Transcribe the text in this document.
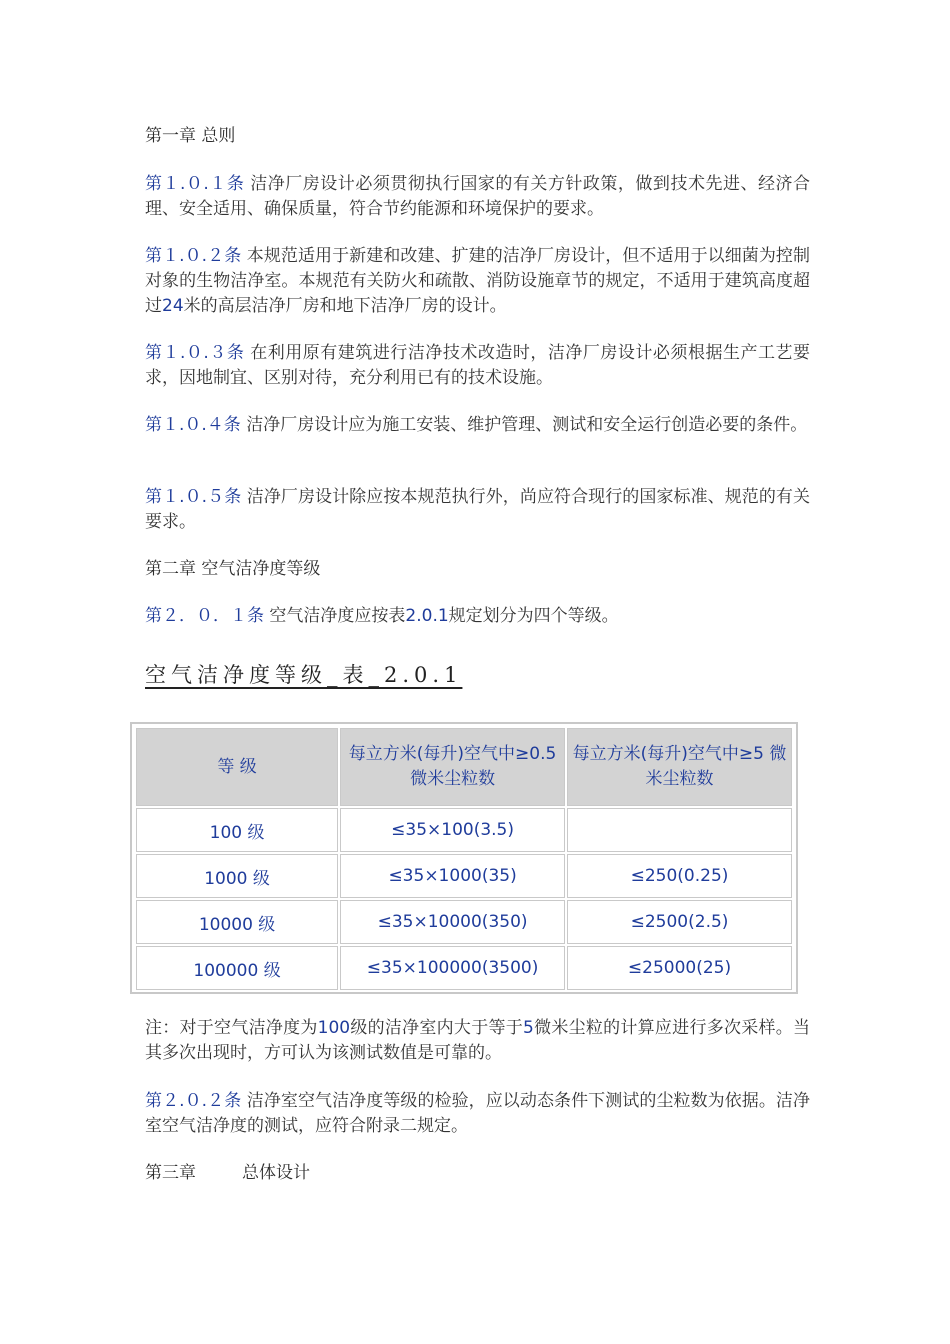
第一章 总则
第１.０.１条 洁净厂房设计必须贯彻执行国家的有关方针政策，做到技术先进、经济合理、安全适用、确保质量，符合节约能源和环境保护的要求。
第１.０.２条 本规范适用于新建和改建、扩建的洁净厂房设计，但不适用于以细菌为控制对象的生物洁净室。本规范有关防火和疏散、消防设施章节的规定，不适用于建筑高度超过24米的高层洁净厂房和地下洁净厂房的设计。
第１.０.３条 在利用原有建筑进行洁净技术改造时，洁净厂房设计必须根据生产工艺要求，因地制宜、区别对待，充分利用已有的技术设施。
第１.０.４条 洁净厂房设计应为施工安装、维护管理、测试和安全运行创造必要的条件。
第１.０.５条 洁净厂房设计除应按本规范执行外，尚应符合现行的国家标准、规范的有关要求。
第二章 空气洁净度等级
第２．０．１条 空气洁净度应按表2.0.1规定划分为四个等级。
空气洁净度等级_表_2.0.1
等 级	每立方米(每升)空气中≥0.5 微米尘粒数	每立方米(每升)空气中≥5 微米尘粒数
100 级	≤35×100(3.5)	
1000 级	≤35×1000(35)	≤250(0.25)
10000 级	≤35×10000(350)	≤2500(2.5)
100000 级	≤35×100000(3500)	≤25000(25)
注：对于空气洁净度为100级的洁净室内大于等于5微米尘粒的计算应进行多次采样。当其多次出现时，方可认为该测试数值是可靠的。
第２.０.２条 洁净室空气洁净度等级的检验，应以动态条件下测试的尘粒数为依据。洁净室空气洁净度的测试，应符合附录二规定。
第三章	总体设计
